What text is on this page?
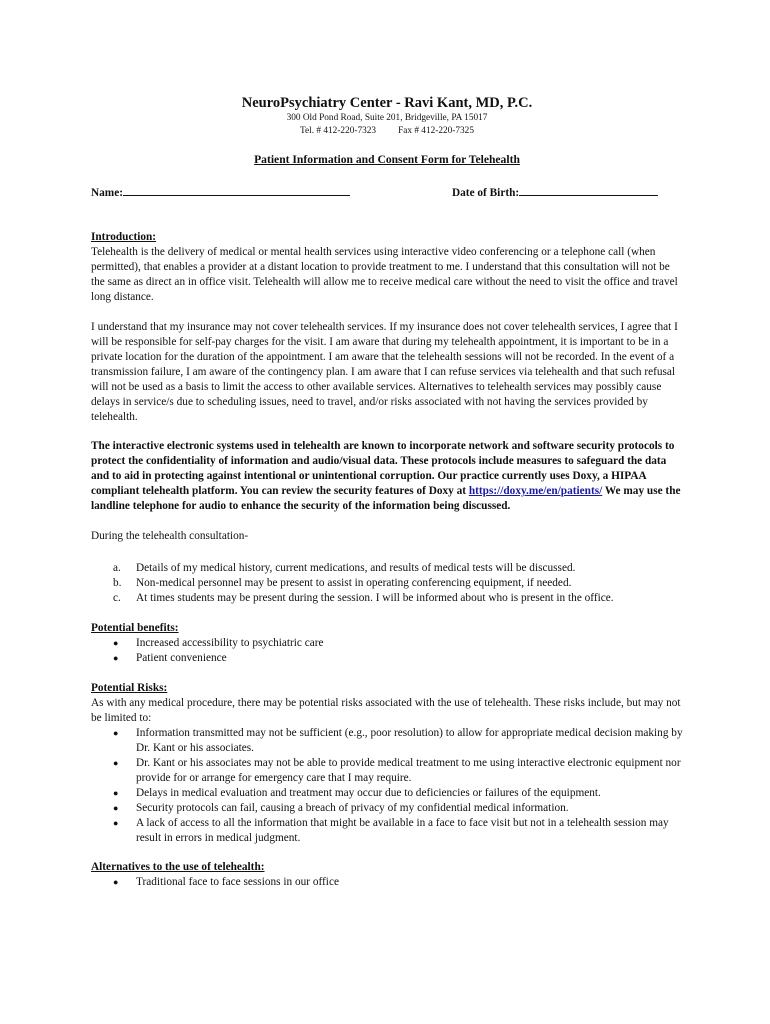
NeuroPsychiatry Center - Ravi Kant, MD, P.C.
300 Old Pond Road, Suite 201, Bridgeville, PA 15017
Tel. # 412-220-7323 Fax # 412-220-7325
Patient Information and Consent Form for Telehealth
Name:	Date of Birth:
Introduction:

Telehealth is the delivery of medical or mental health services using interactive video conferencing or a telephone call (when permitted), that enables a provider at a distant location to provide treatment to me. I understand that this consultation will not be the same as direct an in office visit. Telehealth will allow me to receive medical care without the need to visit the office and travel long distance.

I understand that my insurance may not cover telehealth services. If my insurance does not cover telehealth services, I agree that I will be responsible for self-pay charges for the visit. I am aware that during my telehealth appointment, it is important to be in a private location for the duration of the appointment. I am aware that the telehealth sessions will not be recorded. In the event of a transmission failure, I am aware of the contingency plan. I am aware that I can refuse services via telehealth and that such refusal will not be used as a basis to limit the access to other available services. Alternatives to telehealth services may possibly cause delays in service/s due to scheduling issues, need to travel, and/or risks associated with not having the services provided by telehealth.

The interactive electronic systems used in telehealth are known to incorporate network and software security protocols to protect the confidentiality of information and audio/visual data. These protocols include measures to safeguard the data and to aid in protecting against intentional or unintentional corruption. Our practice currently uses Doxy, a HIPAA compliant telehealth platform. You can review the security features of Doxy at https://doxy.me/en/patients/ We may use the landline telephone for audio to enhance the security of the information being discussed.

During the telehealth consultation-

a. Details of my medical history, current medications, and results of medical tests will be discussed.
b. Non-medical personnel may be present to assist in operating conferencing equipment, if needed.
c. At times students may be present during the session. I will be informed about who is present in the office.
Potential benefits:
● Increased accessibility to psychiatric care
● Patient convenience
Potential Risks:

As with any medical procedure, there may be potential risks associated with the use of telehealth. These risks include, but may not be limited to:

● Information transmitted may not be sufficient (e.g., poor resolution) to allow for appropriate medical decision making by Dr. Kant or his associates.
● Dr. Kant or his associates may not be able to provide medical treatment to me using interactive electronic equipment nor provide for or arrange for emergency care that I may require.
● Delays in medical evaluation and treatment may occur due to deficiencies or failures of the equipment.
● Security protocols can fail, causing a breach of privacy of my confidential medical information.
● A lack of access to all the information that might be available in a face to face visit but not in a telehealth session may result in errors in medical judgment.
Alternatives to the use of telehealth:
● Traditional face to face sessions in our office
